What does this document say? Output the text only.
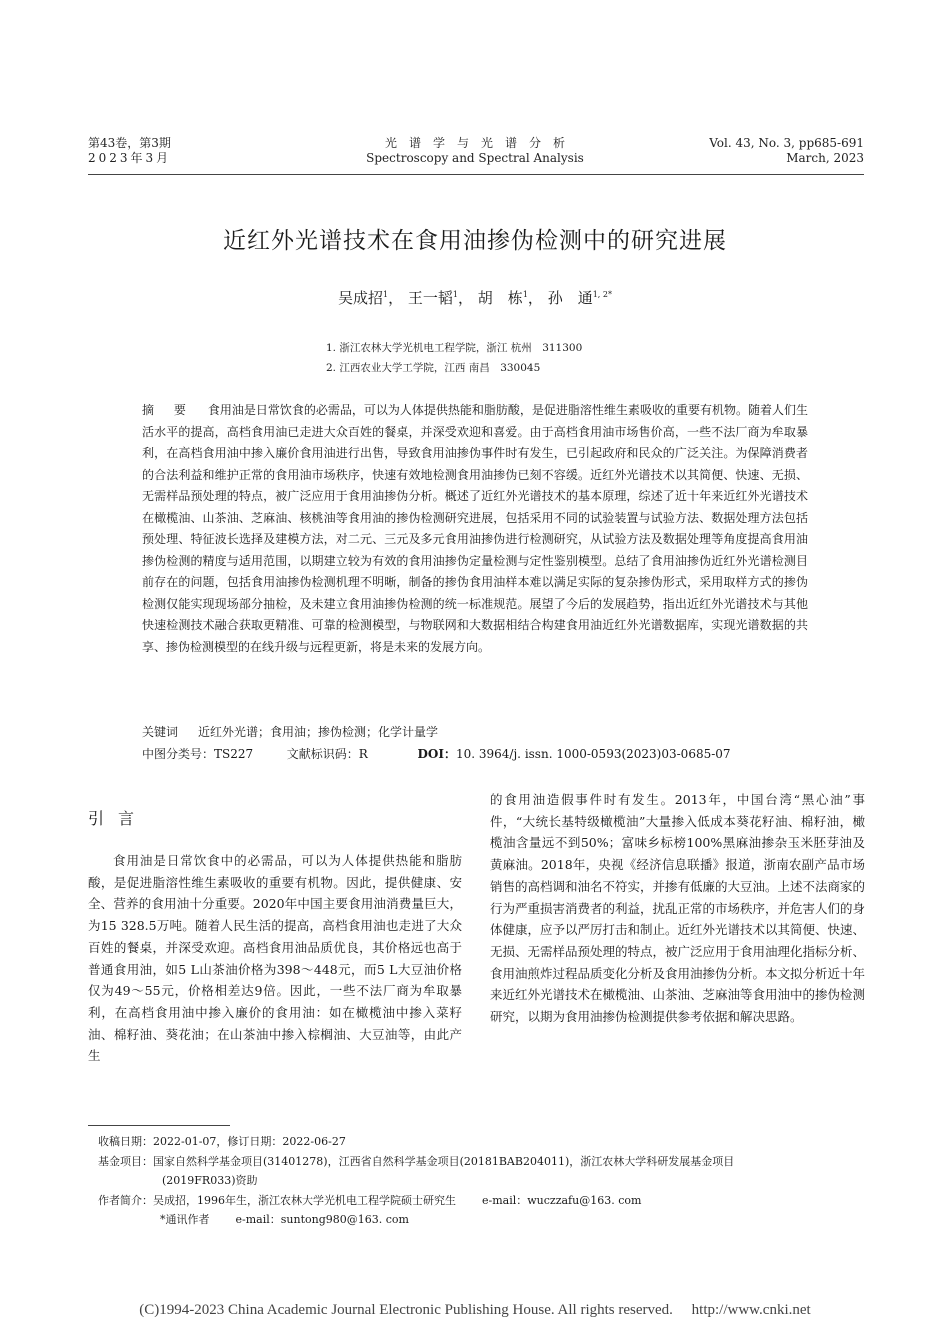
第43卷，第3期
2023年3月
光　谱　学　与　光　谱　分　析
Spectroscopy and Spectral Analysis
Vol. 43, No. 3, pp685-691
March, 2023
近红外光谱技术在食用油掺伪检测中的研究进展
吴成招$^1$， 王一韬$^1$， 胡　栋$^1$， 孙　通$^{1, 2*}$
1. 浙江农林大学光机电工程学院，浙江 杭州　311300
2. 江西农业大学工学院，江西 南昌　330045
摘 要 食用油是日常饮食的必需品，可以为人体提供热能和脂肪酸，是促进脂溶性维生素吸收的重要有机物。随着人们生活水平的提高，高档食用油已走进大众百姓的餐桌，并深受欢迎和喜爱。由于高档食用油市场售价高，一些不法厂商为牟取暴利，在高档食用油中掺入廉价食用油进行出售，导致食用油掺伪事件时有发生，已引起政府和民众的广泛关注。为保障消费者的合法利益和维护正常的食用油市场秩序，快速有效地检测食用油掺伪已刻不容缓。近红外光谱技术以其简便、快速、无损、无需样品预处理的特点，被广泛应用于食用油掺伪分析。概述了近红外光谱技术的基本原理，综述了近十年来近红外光谱技术在橄榄油、山茶油、芝麻油、核桃油等食用油的掺伪检测研究进展，包括采用不同的试验装置与试验方法、数据处理方法包括预处理、特征波长选择及建模方法，对二元、三元及多元食用油掺伪进行检测研究，从试验方法及数据处理等角度提高食用油掺伪检测的精度与适用范围，以期建立较为有效的食用油掺伪定量检测与定性鉴别模型。总结了食用油掺伪近红外光谱检测目前存在的问题，包括食用油掺伪检测机理不明晰，制备的掺伪食用油样本难以满足实际的复杂掺伪形式，采用取样方式的掺伪检测仅能实现现场部分抽检，及未建立食用油掺伪检测的统一标准规范。展望了今后的发展趋势，指出近红外光谱技术与其他快速检测技术融合获取更精准、可靠的检测模型，与物联网和大数据相结合构建食用油近红外光谱数据库，实现光谱数据的共享、掺伪检测模型的在线升级与远程更新，将是未来的发展方向。
关键词 近红外光谱；食用油；掺伪检测；化学计量学
中图分类号：TS227	文献标识码：R	DOI：10. 3964/j. issn. 1000-0593(2023)03-0685-07
引言

食用油是日常饮食中的必需品，可以为人体提供热能和脂肪酸，是促进脂溶性维生素吸收的重要有机物。因此，提供健康、安全、营养的食用油十分重要。2020年中国主要食用油消费量巨大，为15 328.5万吨。随着人民生活的提高，高档食用油也走进了大众百姓的餐桌，并深受欢迎。高档食用油品质优良，其价格远也高于普通食用油，如5 L山茶油价格为398～448元，而5 L大豆油价格仅为49～55元，价格相差达9倍。因此，一些不法厂商为牟取暴利，在高档食用油中掺入廉价的食用油：如在橄榄油中掺入菜籽油、棉籽油、葵花油；在山茶油中掺入棕榈油、大豆油等，由此产生

的食用油造假事件时有发生。2013年，中国台湾“黑心油”事件，“大统长基特级橄榄油”大量掺入低成本葵花籽油、棉籽油，橄榄油含量远不到50%；富味乡标榜100%黑麻油掺杂玉米胚芽油及黄麻油。2018年，央视《经济信息联播》报道，浙南农副产品市场销售的高档调和油名不符实，并掺有低廉的大豆油。上述不法商家的行为严重损害消费者的利益，扰乱正常的市场秩序，并危害人们的身体健康，应予以严厉打击和制止。近红外光谱技术以其简便、快速、无损、无需样品预处理的特点，被广泛应用于食用油理化指标分析、食用油煎炸过程品质变化分析及食用油掺伪分析。本文拟分析近十年来近红外光谱技术在橄榄油、山茶油、芝麻油等食用油中的掺伪检测研究，以期为食用油掺伪检测提供参考依据和解决思路。

收稿日期：2022-01-07，修订日期：2022-06-27
基金项目：国家自然科学基金项目(31401278)，江西省自然科学基金项目(20181BAB204011)，浙江农林大学科研发展基金项目
(2019FR033)资助
作者简介：吴成招，1996年生，浙江农林大学光机电工程学院硕士研究生 e-mail：wuczzafu@163. com
*通讯作者 e-mail：suntong980@163. com
(C)1994-2023 China Academic Journal Electronic Publishing House. All rights reserved.　 http://www.cnki.net
